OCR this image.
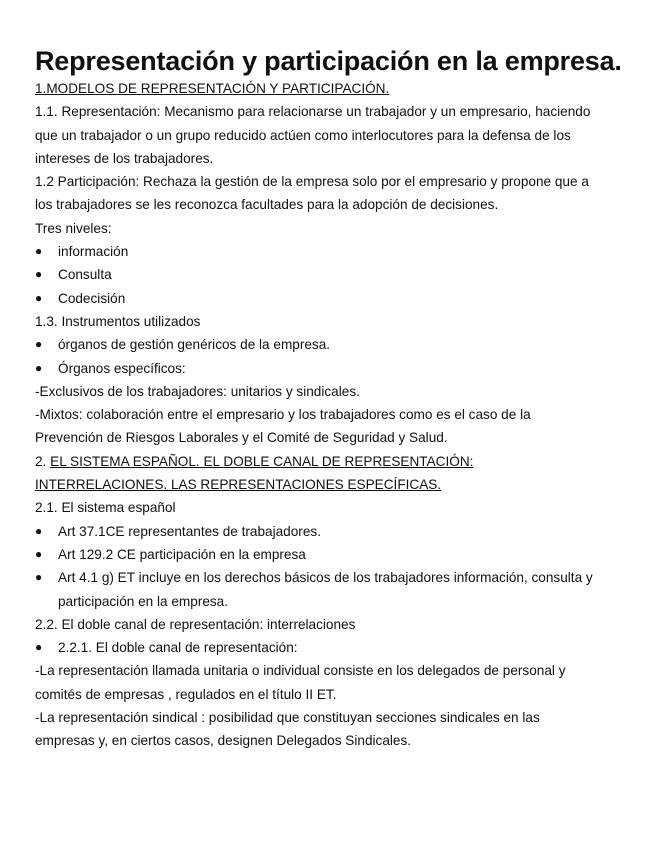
Representación y participación en la empresa.
1.MODELOS DE REPRESENTACIÓN Y PARTICIPACIÓN.
1.1. Representación: Mecanismo para relacionarse un trabajador y un empresario, haciendo
que un trabajador o un grupo reducido actúen como interlocutores para la defensa de los
intereses de los trabajadores.
1.2 Participación: Rechaza la gestión de la empresa solo por el empresario y propone que a
los trabajadores se les reconozca facultades para la adopción de decisiones.
Tres niveles:
●	información
●	Consulta
●	Codecisión
1.3. Instrumentos utilizados
●	órganos de gestión genéricos de la empresa.
●	Órganos específicos:
-Exclusivos de los trabajadores: unitarios y sindicales.
-Mixtos: colaboración entre el empresario y los trabajadores como es el caso de la
Prevención de Riesgos Laborales y el Comité de Seguridad y Salud.
2. EL SISTEMA ESPAÑOL. EL DOBLE CANAL DE REPRESENTACIÓN:
INTERRELACIONES. LAS REPRESENTACIONES ESPECÍFICAS.
2.1. El sistema español
●	Art 37.1CE representantes de trabajadores.
●	Art 129.2 CE participación en la empresa
●	Art 4.1 g) ET incluye en los derechos básicos de los trabajadores información, consulta y participación en la empresa.
2.2. El doble canal de representación: interrelaciones
●	2.2.1. El doble canal de representación:
-La representación llamada unitaria o individual consiste en los delegados de personal y
comités de empresas , regulados en el título II ET.
-La representación sindical : posibilidad que constituyan secciones sindicales en las
empresas y, en ciertos casos, designen Delegados Sindicales.
